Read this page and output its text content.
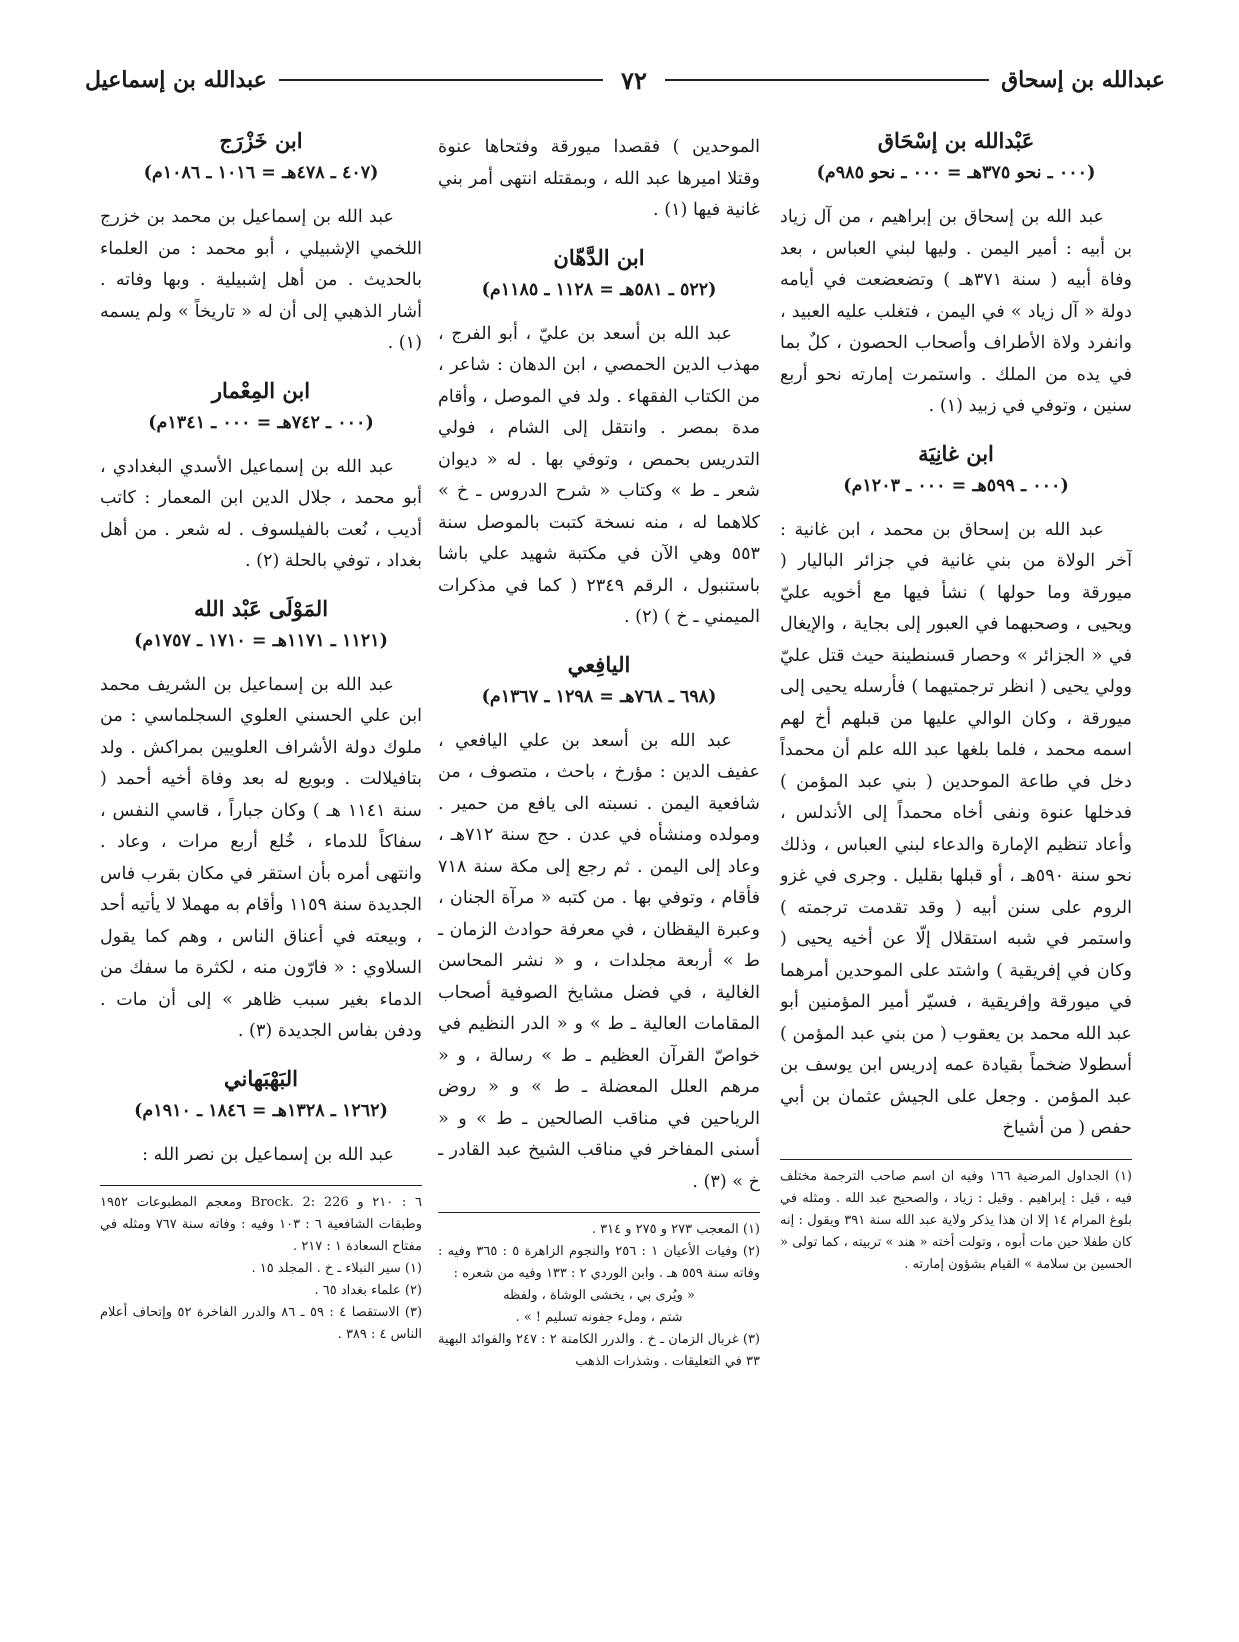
عبدالله بن إسحاق
٧٢
عبدالله بن إسماعيل
عَبْدالله بن إسْحَاق
(٠٠٠ ـ نحو ٣٧٥هـ = ٠٠٠ ـ نحو ٩٨٥م)
عبد الله بن إسحاق بن إبراهيم ، من آل زياد بن أبيه : أمير اليمن . وليها لبني العباس ، بعد وفاة أبيه ( سنة ٣٧١هـ ) وتضعضعت في أيامه دولة « آل زياد » في اليمن ، فتغلب عليه العبيد ، وانفرد ولاة الأطراف وأصحاب الحصون ، كلٌ بما في يده من الملك . واستمرت إمارته نحو أربع سنين ، وتوفي في زبيد (١) .
ابن غانِيَة
(٠٠٠ ـ ٥٩٩هـ = ٠٠٠ ـ ١٢٠٣م)
عبد الله بن إسحاق بن محمد ، ابن غانية : آخر الولاة من بني غانية في جزائر الباليار ( ميورقة وما حولها ) نشأ فيها مع أخويه عليّ ويحيى ، وصحبهما في العبور إلى بجاية ، والإيغال في « الجزائر » وحصار قسنطينة حيث قتل عليّ وولي يحيى ( انظر ترجمتيهما ) فأرسله يحيى إلى ميورقة ، وكان الوالي عليها من قبلهم أخ لهم اسمه محمد ، فلما بلغها عبد الله علم أن محمداً دخل في طاعة الموحدين ( بني عبد المؤمن ) فدخلها عنوة ونفى أخاه محمداً إلى الأندلس ، وأعاد تنظيم الإمارة والدعاء لبني العباس ، وذلك نحو سنة ٥٩٠هـ ، أو قبلها بقليل . وجرى في غزو الروم على سنن أبيه ( وقد تقدمت ترجمته ) واستمر في شبه استقلال إلّا عن أخيه يحيى ( وكان في إفريقية ) واشتد على الموحدين أمرهما في ميورقة وإفريقية ، فسيّر أمير المؤمنين أبو عبد الله محمد بن يعقوب ( من بني عبد المؤمن ) أسطولا ضخماً بقيادة عمه إدريس ابن يوسف بن عبد المؤمن . وجعل على الجيش عثمان بن أبي حفص ( من أشياخ

(١) الجداول المرضية ١٦٦ وفيه ان اسم صاحب الترجمة مختلف فيه ، قيل : إبراهيم . وقيل : زياد ، والصحيح عبد الله . ومثله في بلوغ المرام ١٤ إلا ان هذا يذكر ولاية عبد الله سنة ٣٩١ ويقول : إنه كان طفلا حين مات أبوه ، وتولت أخته « هند » تربيته ، كما تولى « الحسين بن سلامة » القيام بشؤون إمارته .

الموحدين ) فقصدا ميورقة وفتحاها عنوة وقتلا اميرها عبد الله ، وبمقتله انتهى أمر بني غانية فيها (١) .
ابن الدَّهّان
(٥٢٢ ـ ٥٨١هـ = ١١٢٨ ـ ١١٨٥م)
عبد الله بن أسعد بن عليّ ، أبو الفرج ، مهذب الدين الحمصي ، ابن الدهان : شاعر ، من الكتاب الفقهاء . ولد في الموصل ، وأقام مدة بمصر . وانتقل إلى الشام ، فولي التدريس بحمص ، وتوفي بها . له « ديوان شعر ـ ط » وكتاب « شرح الدروس ـ خ » كلاهما له ، منه نسخة كتبت بالموصل سنة ٥٥٣ وهي الآن في مكتبة شهيد علي باشا باستنبول ، الرقم ٢٣٤٩ ( كما في مذكرات الميمني ـ خ ) (٢) .
اليافِعي
(٦٩٨ ـ ٧٦٨هـ = ١٢٩٨ ـ ١٣٦٧م)
عبد الله بن أسعد بن علي اليافعي ، عفيف الدين : مؤرخ ، باحث ، متصوف ، من شافعية اليمن . نسبته الى يافع من حمير . ومولده ومنشأه في عدن . حج سنة ٧١٢هـ ، وعاد إلى اليمن . ثم رجع إلى مكة سنة ٧١٨ فأقام ، وتوفي بها . من كتبه « مرآة الجنان ، وعبرة اليقظان ، في معرفة حوادث الزمان ـ ط » أربعة مجلدات ، و « نشر المحاسن الغالية ، في فضل مشايخ الصوفية أصحاب المقامات العالية ـ ط » و « الدر النظيم في خواصّ القرآن العظيم ـ ط » رسالة ، و « مرهم العلل المعضلة ـ ط » و « روض الرياحين في مناقب الصالحين ـ ط » و « أسنى المفاخر في مناقب الشيخ عبد القادر ـ خ » (٣) .

(١) المعجب ٢٧٣ و ٢٧٥ و ٣١٤ .

(٢) وفيات الأعيان ١ : ٢٥٦ والنجوم الزاهرة ٥ : ٣٦٥ وفيه : وفاته سنة ٥٥٩ هـ . وابن الوردي ٢ : ١٣٣ وفيه من شعره :

« ويُرى بي ، يخشى الوشاة ، ولفظه

شتم ، وملء جفونه تسليم ! » .

(٣) غربال الزمان ـ خ . والدرر الكامنة ٢ : ٢٤٧ والفوائد البهية ٣٣ في التعليقات . وشذرات الذهب

ابن خَزْرَج
(٤٠٧ ـ ٤٧٨هـ = ١٠١٦ ـ ١٠٨٦م)
عبد الله بن إسماعيل بن محمد بن خزرج اللخمي الإشبيلي ، أبو محمد : من العلماء بالحديث . من أهل إشبيلية . وبها وفاته . أشار الذهبي إلى أن له « تاريخاً » ولم يسمه (١) .
ابن المِعْمار
(٠٠٠ ـ ٧٤٢هـ = ٠٠٠ ـ ١٣٤١م)
عبد الله بن إسماعيل الأسدي البغدادي ، أبو محمد ، جلال الدين ابن المعمار : كاتب أديب ، نُعت بالفيلسوف . له شعر . من أهل بغداد ، توفي بالحلة (٢) .
المَوْلَى عَبْد الله
(١١٢١ ـ ١١٧١هـ = ١٧١٠ ـ ١٧٥٧م)
عبد الله بن إسماعيل بن الشريف محمد ابن علي الحسني العلوي السجلماسي : من ملوك دولة الأشراف العلويين بمراكش . ولد بتافيلالت . وبويع له بعد وفاة أخيه أحمد ( سنة ١١٤١ هـ ) وكان جباراً ، قاسي النفس ، سفاكاً للدماء ، خُلع أربع مرات ، وعاد . وانتهى أمره بأن استقر في مكان بقرب فاس الجديدة سنة ١١٥٩ وأقام به مهملا لا يأتيه أحد ، وبيعته في أعناق الناس ، وهم كما يقول السلاوي : « فارّون منه ، لكثرة ما سفك من الدماء بغير سبب ظاهر » إلى أن مات . ودفن بفاس الجديدة (٣) .
البَهْبَهاني
(١٢٦٢ ـ ١٣٢٨هـ = ١٨٤٦ ـ ١٩١٠م)
عبد الله بن إسماعيل بن نصر الله :

٦ : ٢١٠ و Brock. 2: 226 ومعجم المطبوعات ١٩٥٢ وطبقات الشافعية ٦ : ١٠٣ وفيه : وفاته سنة ٧٦٧ ومثله في مفتاح السعادة ١ : ٢١٧ .

(١) سير النبلاء ـ خ . المجلد ١٥ .

(٢) علماء بغداد ٦٥ .

(٣) الاستقصا ٤ : ٥٩ ـ ٨٦ والدرر الفاخرة ٥٢ وإتحاف أعلام الناس ٤ : ٣٨٩ .
